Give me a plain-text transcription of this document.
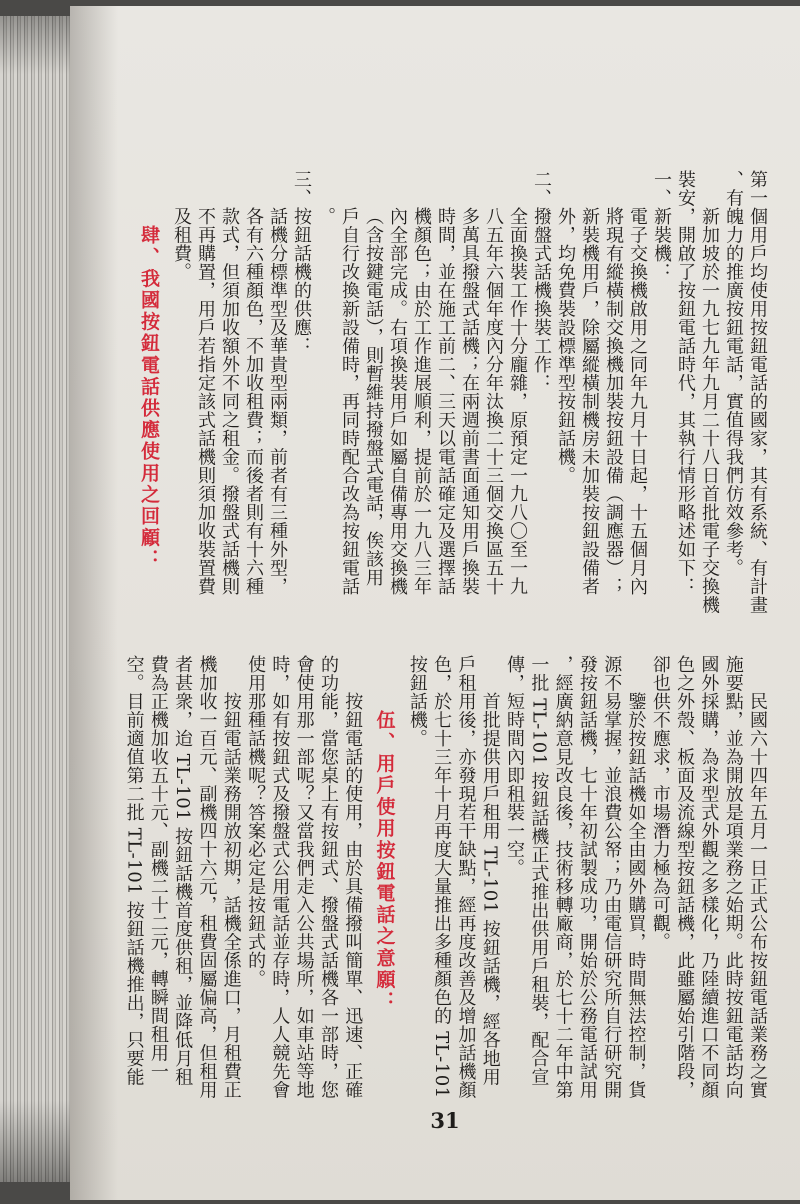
第一個用戶均使用按鈕電話的國家，其有系統、有計畫
、有魄力的推廣按鈕電話，實值得我們仿效參考。
新加坡於一九七九年九月二十八日首批電子交換機
裝安，開啟了按鈕電話時代，其執行情形略述如下：
一、新裝機：
電子交換機啟用之同年九月十日起，十五個月內
將現有縱橫制交換機加裝按鈕設備（調應器）；
新裝機用戶，除屬縱橫制機房未加裝按鈕設備者
外，均免費裝設標準型按鈕話機。
二、撥盤式話機換裝工作：
全面換裝工作十分龐雜，原預定一九八〇至一九
八五年六個年度內分年汰換二十三個交換區五十
多萬具撥盤式話機；在兩週前書面通知用戶換裝
時間，並在施工前二、三天以電話確定及選擇話
機顏色；由於工作進展順利，提前於一九八三年
內全部完成。右項換裝用戶如屬自備專用交換機
（含按鍵電話），則暫維持撥盤式電話，俟該用
戶自行改換新設備時，再同時配合改為按鈕電話
。
三、按鈕話機的供應：
話機分標準型及華貴型兩類，前者有三種外型，
各有六種顏色，不加收租費；而後者則有十六種
款式，但須加收額外不同之租金。撥盤式話機則
不再購置，用戶若指定該式話機則須加收裝置費
及租費。
肆、我國按鈕電話供應使用之回顧：
民國六十四年五月一日正式公布按鈕電話業務之實
施要點，並為開放是項業務之始期。此時按鈕電話均向
國外採購，為求型式外觀之多樣化，乃陸續進口不同顏
色之外殼、板面及流線型按鈕話機，此雖屬始引階段，
卻也供不應求，市場潛力極為可觀。
鑒於按鈕話機如全由國外購買，時間無法控制，貨
源不易掌握，並浪費公帑；乃由電信研究所自行研究開
發按鈕話機，七十年初試製成功，開始於公務電話試用
，經廣納意見改良後，技術移轉廠商，於七十二年中第
一批 TL-101 按鈕話機正式推出供用戶租裝，配合宣
傳，短時間內即租裝一空。
首批提供用戶租用 TL-101 按鈕話機，經各地用
戶租用後，亦發現若干缺點，經再度改善及增加話機顏
色，於七十三年十月再度大量推出多種顏色的 TL-101
按鈕話機。
伍、用戶使用按鈕電話之意願：
按鈕電話的使用，由於具備撥叫簡單、迅速、正確
的功能，當您桌上有按鈕式、撥盤式話機各一部時，您
會使用那一部呢？又當我們走入公共場所，如車站等地
時，如有按鈕式及撥盤式公用電話並存時，人人競先會
使用那種話機呢？答案必定是按鈕式的。
按鈕電話業務開放初期，話機全係進口，月租費正
機加收一百元、副機四十六元，租費固屬偏高，但租用
者甚衆，迨 TL-101 按鈕話機首度供租，並降低月租
費為正機加收五十元、副機二十二元，轉瞬間租用一
空。目前適值第二批 TL-101 按鈕話機推出，只要能
31
